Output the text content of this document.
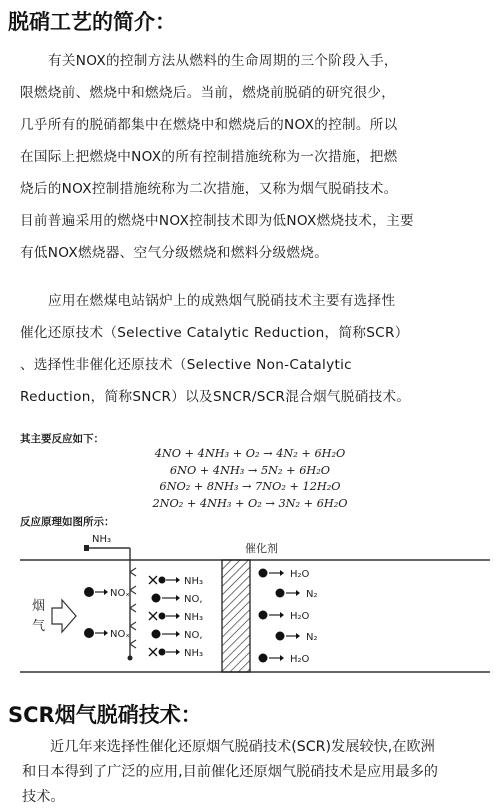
脱硝工艺的简介：
有关NOX的控制方法从燃料的生命周期的三个阶段入手，
限燃烧前、燃烧中和燃烧后。当前，燃烧前脱硝的研究很少，
几乎所有的脱硝都集中在燃烧中和燃烧后的NOX的控制。所以
在国际上把燃烧中NOX的所有控制措施统称为一次措施，把燃
烧后的NOX控制措施统称为二次措施，又称为烟气脱硝技术。
目前普遍采用的燃烧中NOX控制技术即为低NOX燃烧技术，主要
有低NOX燃烧器、空气分级燃烧和燃料分级燃烧。
应用在燃煤电站锅炉上的成熟烟气脱硝技术主要有选择性
催化还原技术（Selective Catalytic Reduction，简称SCR）
、选择性非催化还原技术（Selective Non-Catalytic
Reduction，简称SNCR）以及SNCR/SCR混合烟气脱硝技术。
其主要反应如下：
4NO + 4NH₃ + O₂ → 4N₂ + 6H₂O
6NO + 4NH₃ → 5N₂ + 6H₂O
6NO₂ + 8NH₃ → 7NO₂ + 12H₂O
2NO₂ + 4NH₃ + O₂ → 3N₂ + 6H₂O
反应原理如图所示：
NH₃
烟
气
NOₓ
NOₓ
NH₃
NO,
NH₃
NO,
NH₃
催化剂
H₂O
N₂
H₂O
N₂
H₂O
SCR烟气脱硝技术：
近几年来选择性催化还原烟气脱硝技术(SCR)发展较快,在欧洲
和日本得到了广泛的应用,目前催化还原烟气脱硝技术是应用最多的
技术。
